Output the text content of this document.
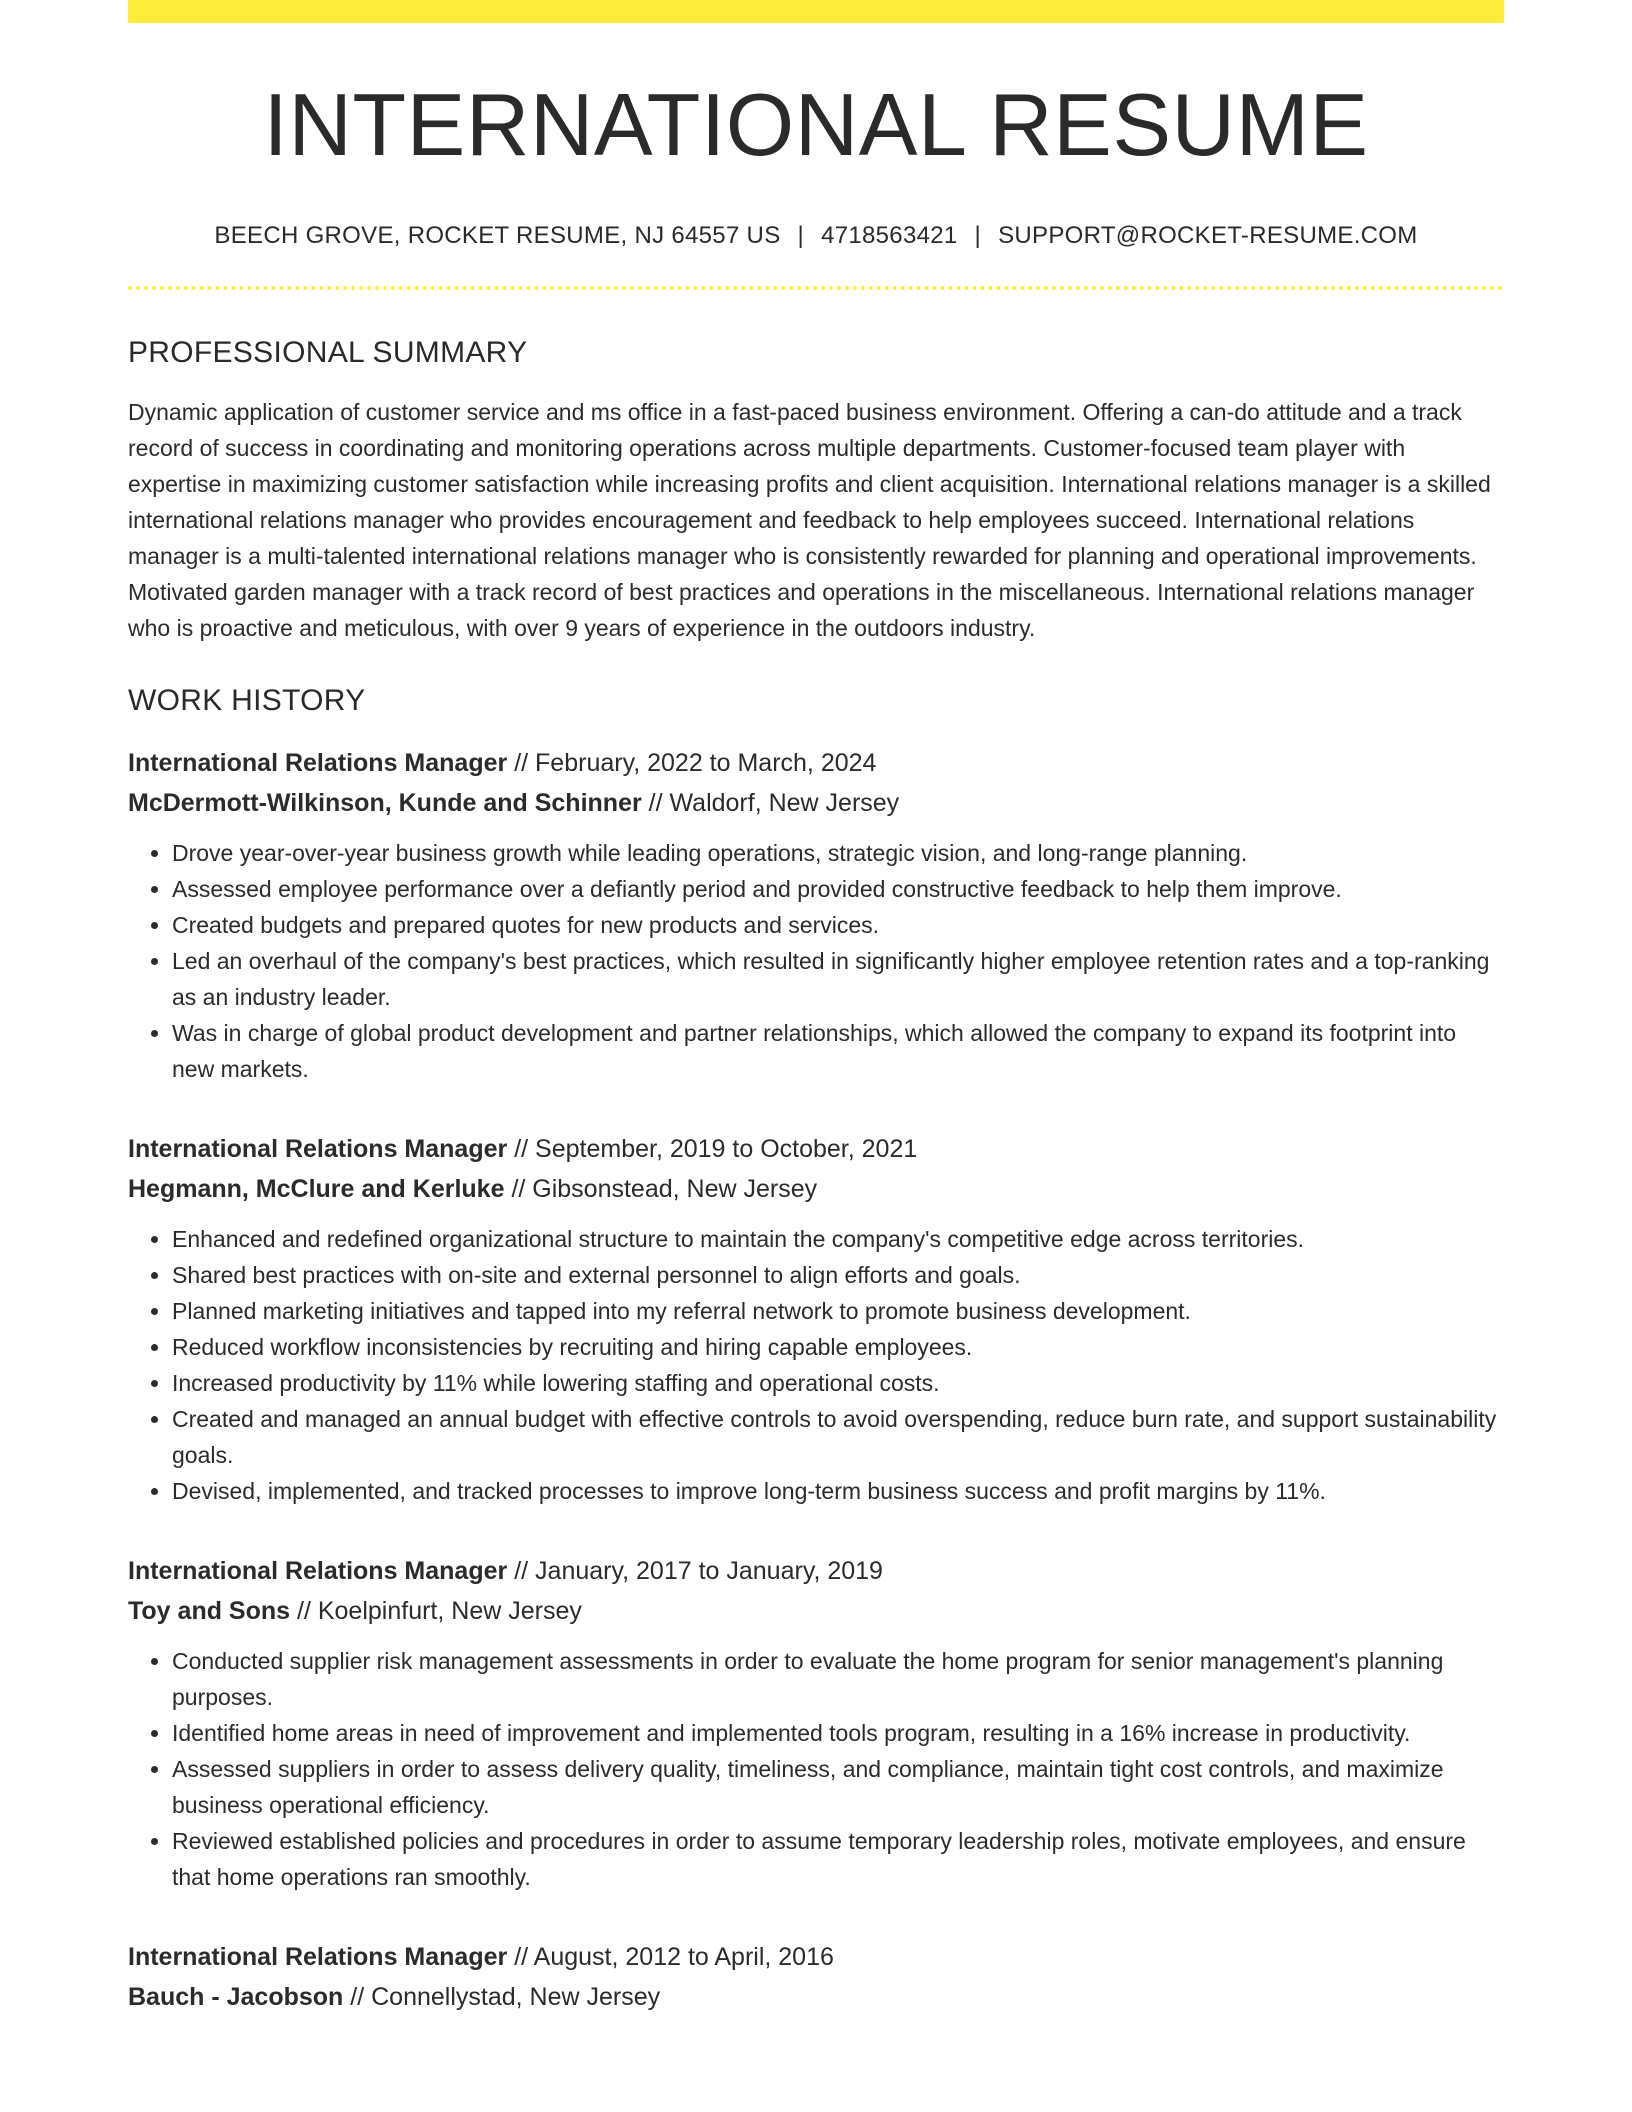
INTERNATIONAL RESUME
BEECH GROVE, ROCKET RESUME, NJ 64557 US | 4718563421 | SUPPORT@ROCKET-RESUME.COM
PROFESSIONAL SUMMARY
Dynamic application of customer service and ms office in a fast-paced business environment. Offering a can-do attitude and a track record of success in coordinating and monitoring operations across multiple departments. Customer-focused team player with expertise in maximizing customer satisfaction while increasing profits and client acquisition. International relations manager is a skilled international relations manager who provides encouragement and feedback to help employees succeed. International relations manager is a multi-talented international relations manager who is consistently rewarded for planning and operational improvements. Motivated garden manager with a track record of best practices and operations in the miscellaneous. International relations manager who is proactive and meticulous, with over 9 years of experience in the outdoors industry.
WORK HISTORY
International Relations Manager // February, 2022 to March, 2024
McDermott-Wilkinson, Kunde and Schinner // Waldorf, New Jersey
• Drove year-over-year business growth while leading operations, strategic vision, and long-range planning.
• Assessed employee performance over a defiantly period and provided constructive feedback to help them improve.
• Created budgets and prepared quotes for new products and services.
• Led an overhaul of the company's best practices, which resulted in significantly higher employee retention rates and a top-ranking as an industry leader.
• Was in charge of global product development and partner relationships, which allowed the company to expand its footprint into new markets.
International Relations Manager // September, 2019 to October, 2021
Hegmann, McClure and Kerluke // Gibsonstead, New Jersey
• Enhanced and redefined organizational structure to maintain the company's competitive edge across territories.
• Shared best practices with on-site and external personnel to align efforts and goals.
• Planned marketing initiatives and tapped into my referral network to promote business development.
• Reduced workflow inconsistencies by recruiting and hiring capable employees.
• Increased productivity by 11% while lowering staffing and operational costs.
• Created and managed an annual budget with effective controls to avoid overspending, reduce burn rate, and support sustainability goals.
• Devised, implemented, and tracked processes to improve long-term business success and profit margins by 11%.
International Relations Manager // January, 2017 to January, 2019
Toy and Sons // Koelpinfurt, New Jersey
• Conducted supplier risk management assessments in order to evaluate the home program for senior management's planning purposes.
• Identified home areas in need of improvement and implemented tools program, resulting in a 16% increase in productivity.
• Assessed suppliers in order to assess delivery quality, timeliness, and compliance, maintain tight cost controls, and maximize business operational efficiency.
• Reviewed established policies and procedures in order to assume temporary leadership roles, motivate employees, and ensure that home operations ran smoothly.
International Relations Manager // August, 2012 to April, 2016
Bauch - Jacobson // Connellystad, New Jersey
